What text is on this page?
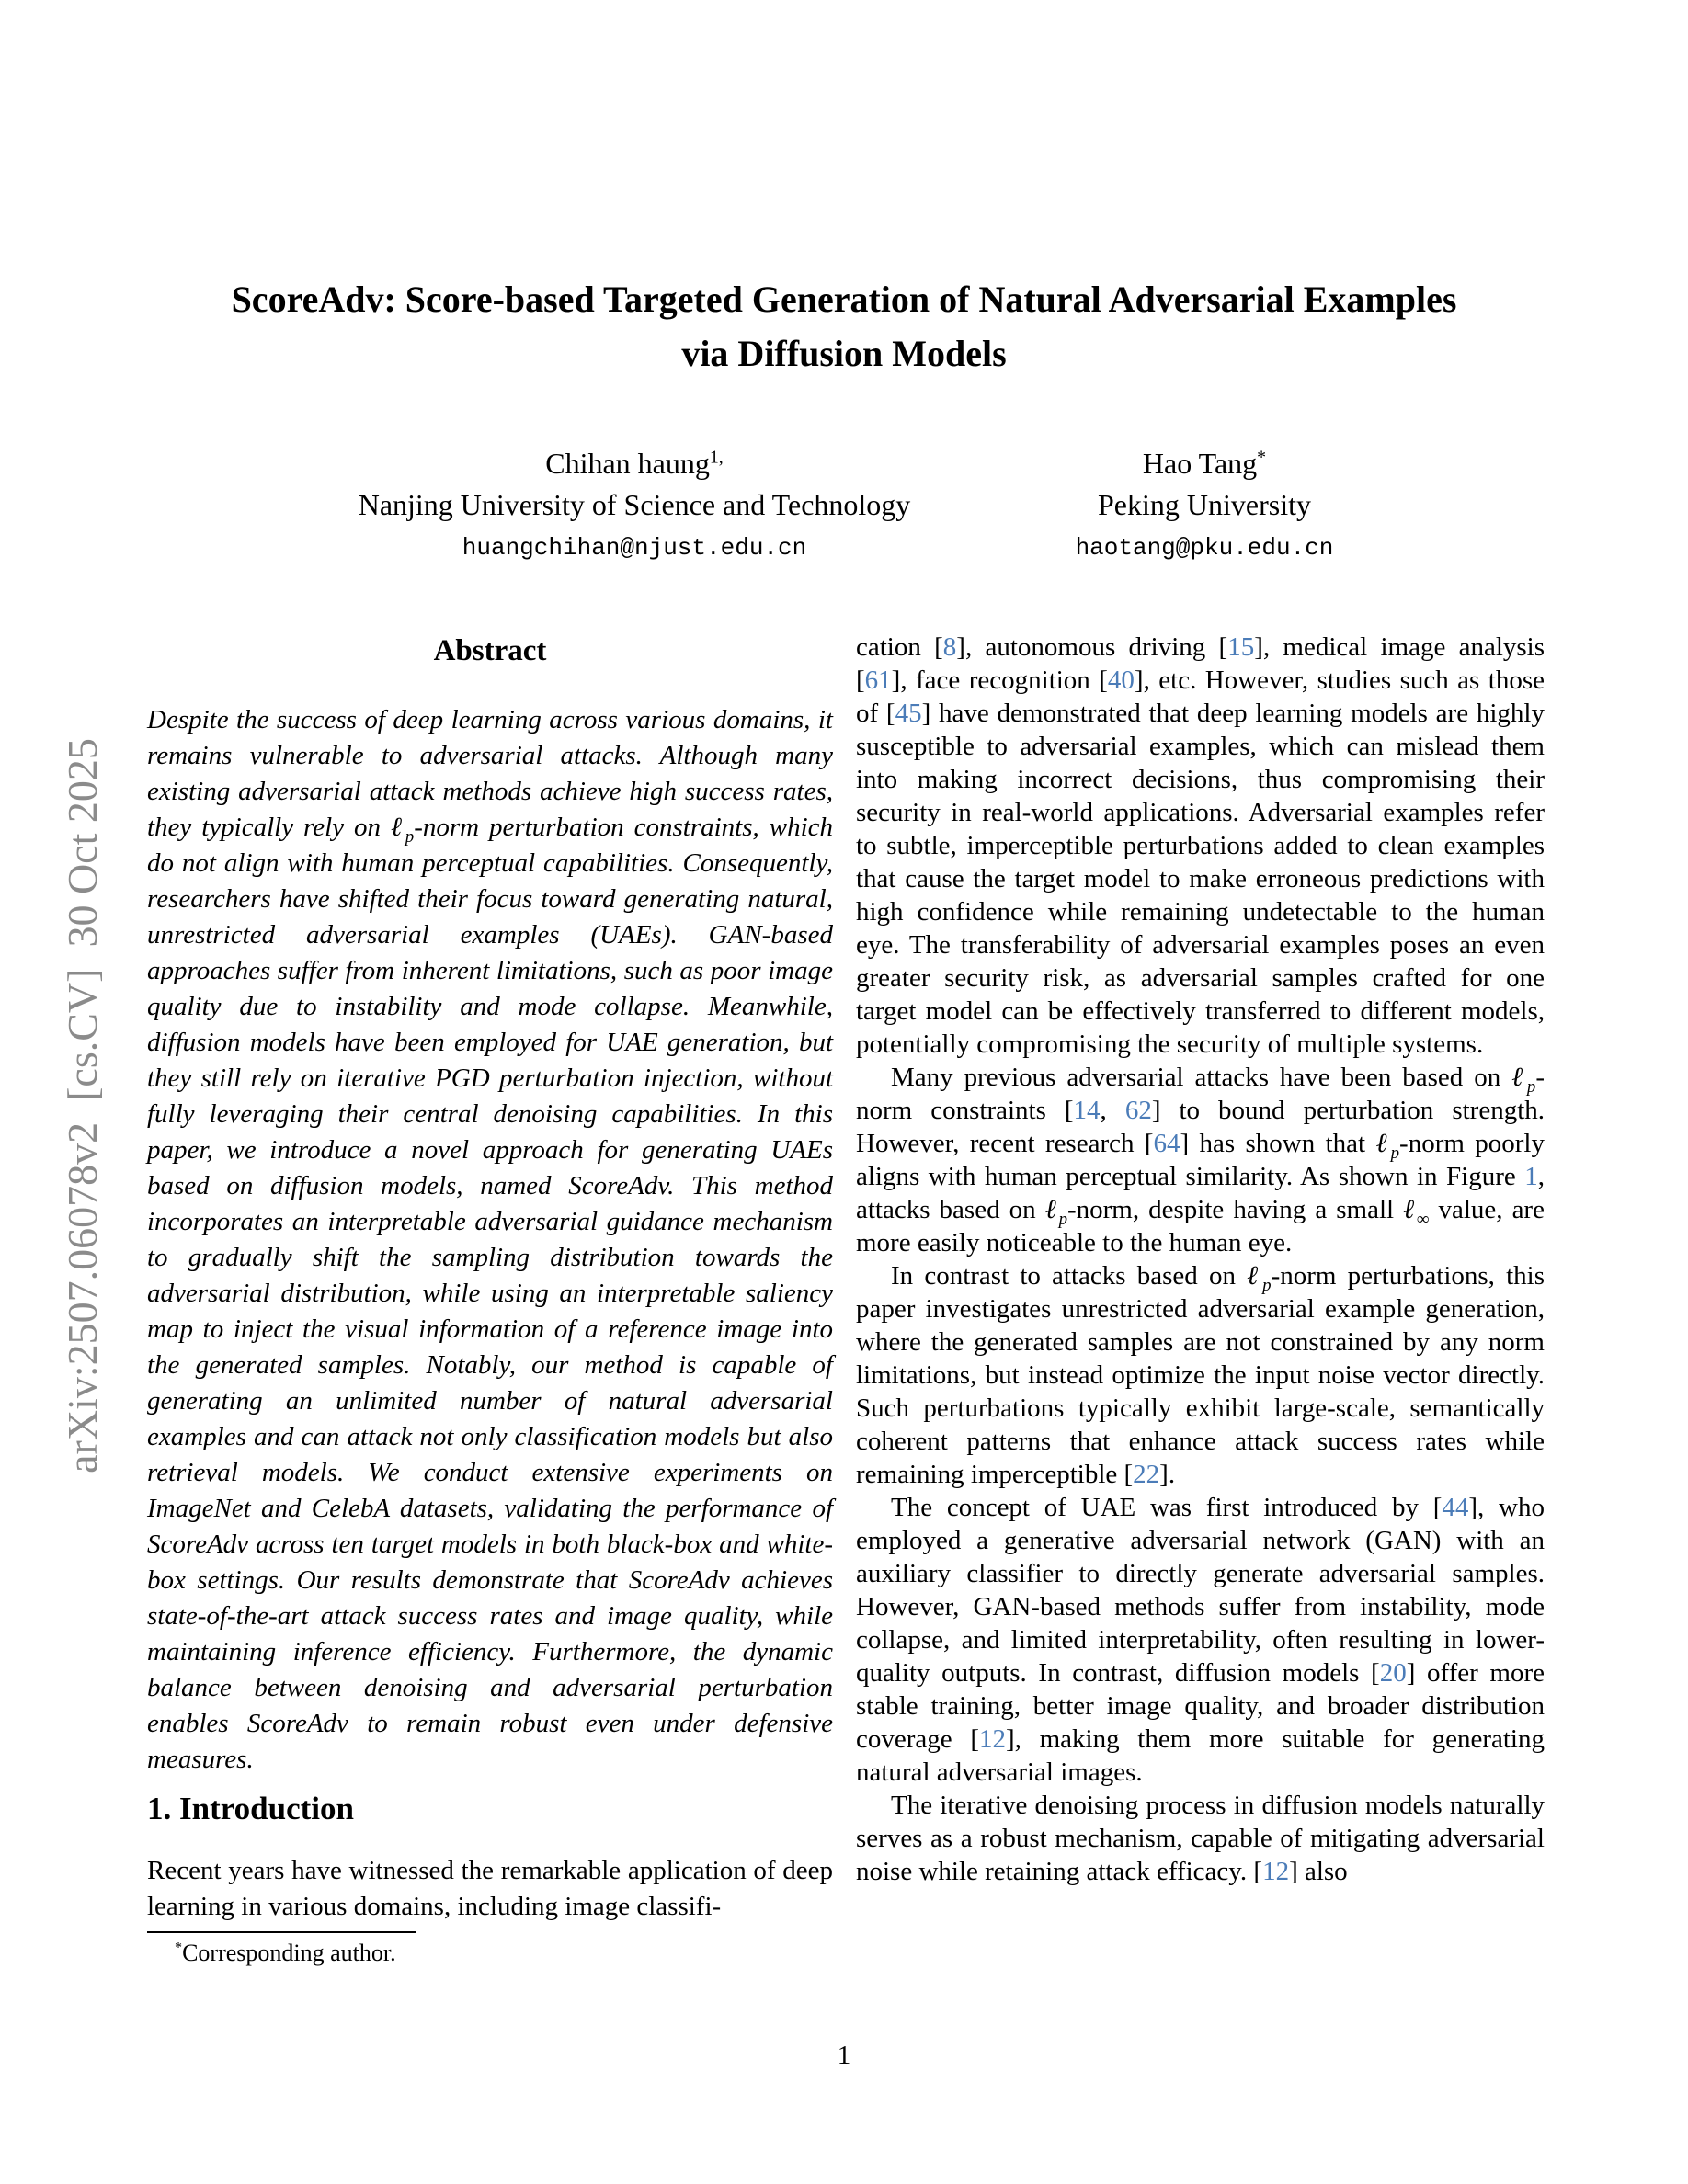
arXiv:2507.06078v2  [cs.CV]  30 Oct 2025
ScoreAdv: Score-based Targeted Generation of Natural Adversarial Examples
via Diffusion Models
Chihan haung$^{1,}$
Nanjing University of Science and Technology
huangchihan@njust.edu.cn
Hao Tang*
Peking University
haotang@pku.edu.cn
Abstract

Despite the success of deep learning across various domains, it remains vulnerable to adversarial attacks. Although many existing adversarial attack methods achieve high success rates, they typically rely on ℓ$_p$-norm perturbation constraints, which do not align with human perceptual capabilities. Consequently, researchers have shifted their focus toward generating natural, unrestricted adversarial examples (UAEs). GAN-based approaches suffer from inherent limitations, such as poor image quality due to instability and mode collapse. Meanwhile, diffusion models have been employed for UAE generation, but they still rely on iterative PGD perturbation injection, without fully leveraging their central denoising capabilities. In this paper, we introduce a novel approach for generating UAEs based on diffusion models, named ScoreAdv. This method incorporates an interpretable adversarial guidance mechanism to gradually shift the sampling distribution towards the adversarial distribution, while using an interpretable saliency map to inject the visual information of a reference image into the generated samples. Notably, our method is capable of generating an unlimited number of natural adversarial examples and can attack not only classification models but also retrieval models. We conduct extensive experiments on ImageNet and CelebA datasets, validating the performance of ScoreAdv across ten target models in both black-box and white-box settings. Our results demonstrate that ScoreAdv achieves state-of-the-art attack success rates and image quality, while maintaining inference efficiency. Furthermore, the dynamic balance between denoising and adversarial perturbation enables ScoreAdv to remain robust even under defensive measures.

1. Introduction

Recent years have witnessed the remarkable application of deep learning in various domains, including image classifi-

*Corresponding author.

cation [8], autonomous driving [15], medical image analysis [61], face recognition [40], etc. However, studies such as those of [45] have demonstrated that deep learning models are highly susceptible to adversarial examples, which can mislead them into making incorrect decisions, thus compromising their security in real-world applications. Adversarial examples refer to subtle, imperceptible perturbations added to clean examples that cause the target model to make erroneous predictions with high confidence while remaining undetectable to the human eye. The transferability of adversarial examples poses an even greater security risk, as adversarial samples crafted for one target model can be effectively transferred to different models, potentially compromising the security of multiple systems.

Many previous adversarial attacks have been based on ℓ$_p$-norm constraints [14, 62] to bound perturbation strength. However, recent research [64] has shown that ℓ$_p$-norm poorly aligns with human perceptual similarity. As shown in Figure 1, attacks based on ℓ$_p$-norm, despite having a small ℓ$_\infty$ value, are more easily noticeable to the human eye.

In contrast to attacks based on ℓ$_p$-norm perturbations, this paper investigates unrestricted adversarial example generation, where the generated samples are not constrained by any norm limitations, but instead optimize the input noise vector directly. Such perturbations typically exhibit large-scale, semantically coherent patterns that enhance attack success rates while remaining imperceptible [22].

The concept of UAE was first introduced by [44], who employed a generative adversarial network (GAN) with an auxiliary classifier to directly generate adversarial samples. However, GAN-based methods suffer from instability, mode collapse, and limited interpretability, often resulting in lower-quality outputs. In contrast, diffusion models [20] offer more stable training, better image quality, and broader distribution coverage [12], making them more suitable for generating natural adversarial images.

The iterative denoising process in diffusion models naturally serves as a robust mechanism, capable of mitigating adversarial noise while retaining attack efficacy. [12] also

1
